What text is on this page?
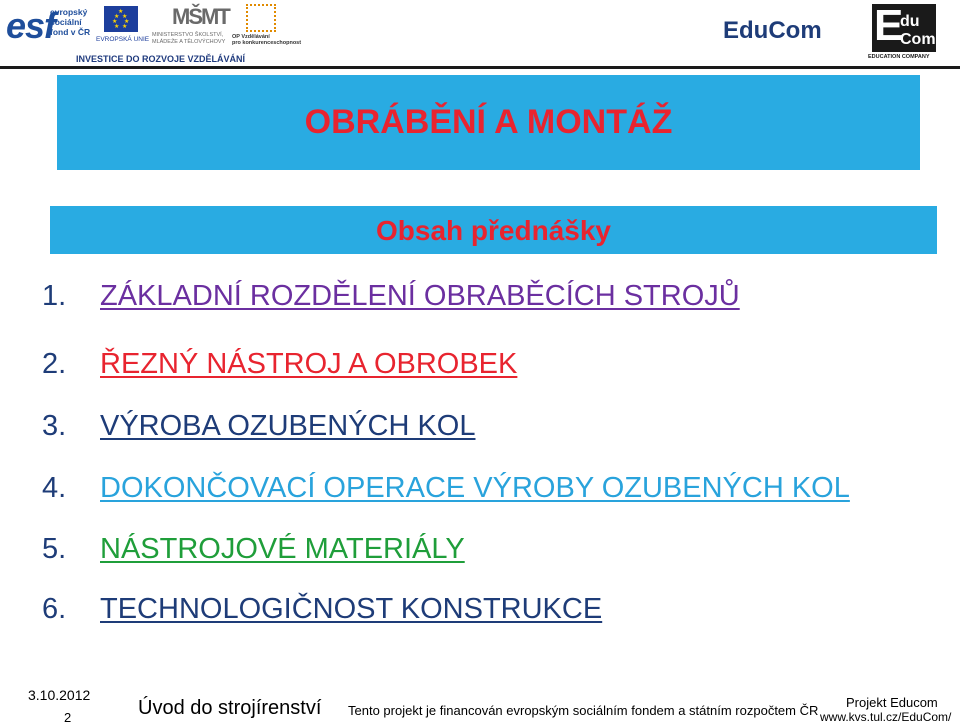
esf
evropský
sociální
fond v ČR
★
★ ★
★ ★
★ ★
EVROPSKÁ UNIE
MŠMT
MINISTERSTVO ŠKOLSTVÍ,
MLÁDEŽE A TĚLOVÝCHOVY
OP Vzdělávání
pro konkurenceschopnost
INVESTICE DO ROZVOJE VZDĚLÁVÁNÍ
EduCom E
du
Com
EDUCATION COMPANY
OBRÁBĚNÍ A MONTÁŽ
Obsah přednášky
1. ZÁKLADNÍ ROZDĚLENÍ OBRABĚCÍCH STROJŮ
2. ŘEZNÝ NÁSTROJ A OBROBEK
3. VÝROBA OZUBENÝCH KOL
4. DOKONČOVACÍ OPERACE VÝROBY OZUBENÝCH KOL
5. NÁSTROJOVÉ MATERIÁLY
6. TECHNOLOGIČNOST KONSTRUKCE
3.10.2012
2	Úvod do strojírenství Tento projekt je financován evropským sociálním fondem a státním rozpočtem ČR
Projekt Educom
www.kvs.tul.cz/EduCom/
